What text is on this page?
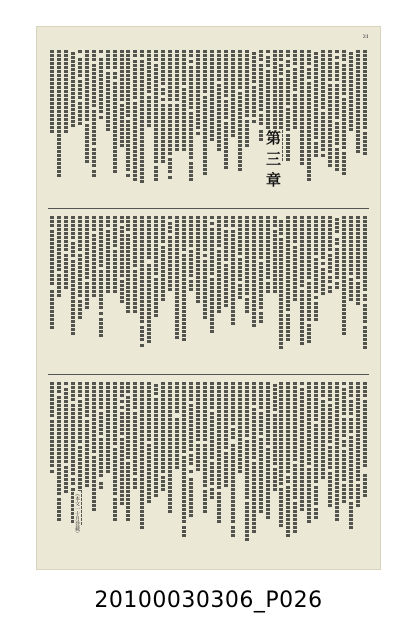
31
第三章
（本文一十月登載）
20100030306_P026
